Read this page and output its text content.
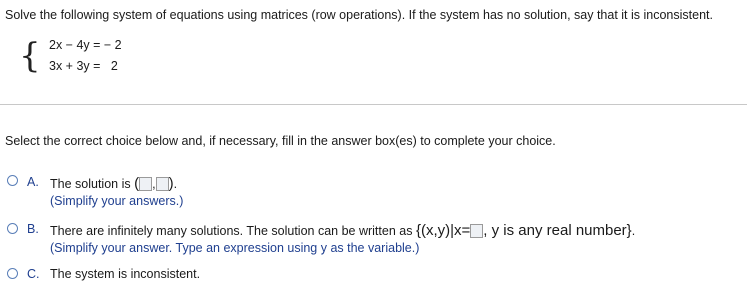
Solve the following system of equations using matrices (row operations). If the system has no solution, say that it is inconsistent.
{ 2x − 4y = − 2
3x + 3y =   2
Select the correct choice below and, if necessary, fill in the answer box(es) to complete your choice.
A. The solution is ( , ).
(Simplify your answers.)
B. There are infinitely many solutions. The solution can be written as {(x,y)|x= , y is any real number}.
(Simplify your answer. Type an expression using y as the variable.)
C. The system is inconsistent.
